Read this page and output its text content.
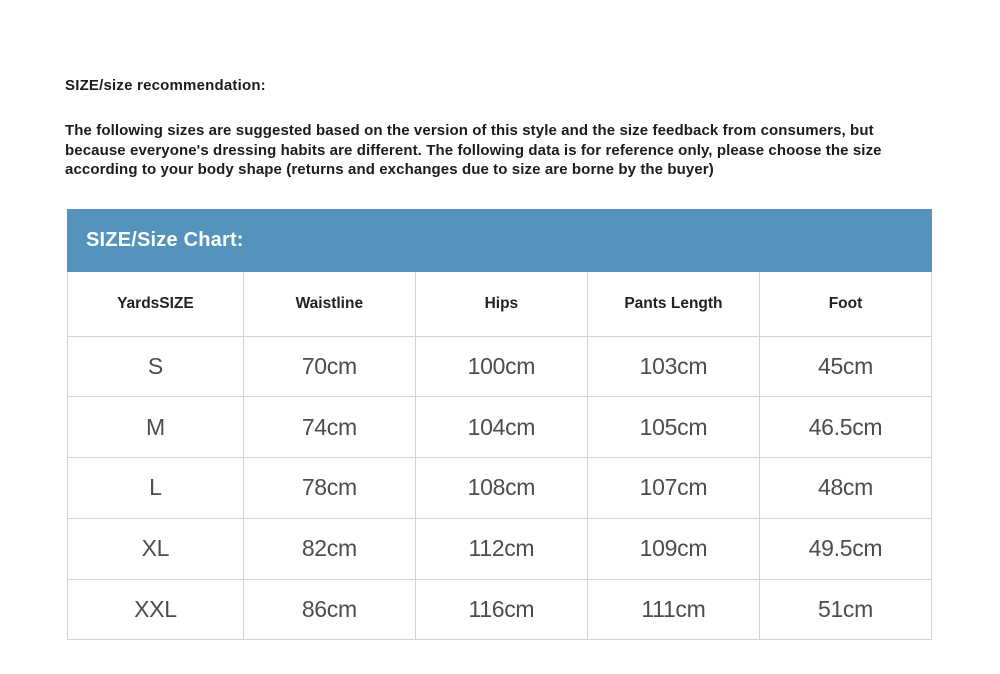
SIZE/size recommendation:
The following sizes are suggested based on the version of this style and the size feedback from consumers, but because everyone's dressing habits are different. The following data is for reference only, please choose the size according to your body shape (returns and exchanges due to size are borne by the buyer)
SIZE/Size Chart:
YardsSIZE	Waistline	Hips	Pants Length	Foot
S	70cm	100cm	103cm	45cm
M	74cm	104cm	105cm	46.5cm
L	78cm	108cm	107cm	48cm
XL	82cm	112cm	109cm	49.5cm
XXL	86cm	116cm	111cm	51cm
